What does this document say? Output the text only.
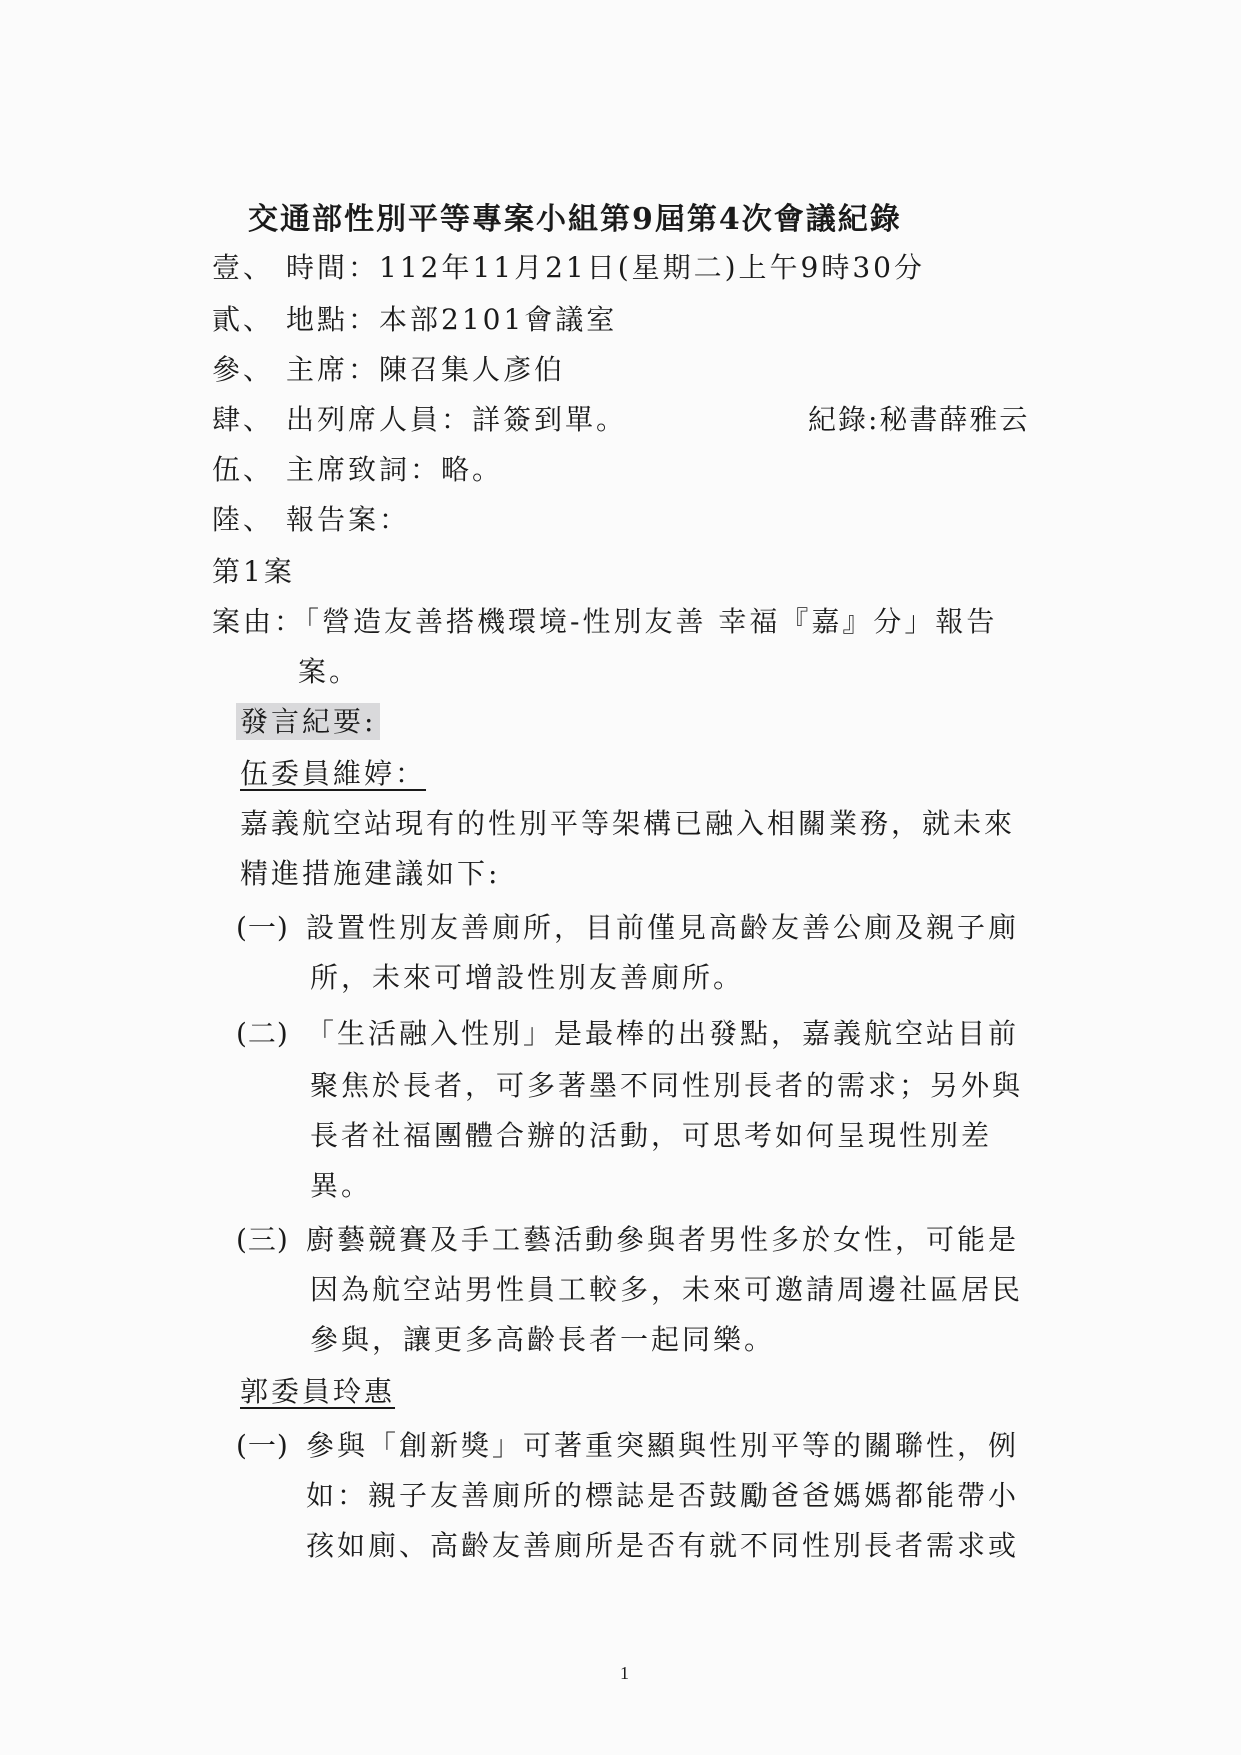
交通部性別平等專案小組第9屆第4次會議紀錄
壹、 時間：112年11月21日(星期二)上午9時30分
貳、 地點：本部2101會議室
參、 主席：陳召集人彥伯
肆、 出列席人員：詳簽到單。	紀錄:秘書薛雅云
伍、 主席致詞：略。
陸、 報告案：
第1案
案由：「營造友善搭機環境-性別友善 幸福『嘉』分」報告
案。
發言紀要:
伍委員維婷：
嘉義航空站現有的性別平等架構已融入相關業務，就未來
精進措施建議如下:
(一) 設置性別友善廁所，目前僅見高齡友善公廁及親子廁
所，未來可增設性別友善廁所。
(二) 「生活融入性別」是最棒的出發點，嘉義航空站目前
聚焦於長者，可多著墨不同性別長者的需求；另外與
長者社福團體合辦的活動，可思考如何呈現性別差
異。
(三) 廚藝競賽及手工藝活動參與者男性多於女性，可能是
因為航空站男性員工較多，未來可邀請周邊社區居民
參與，讓更多高齡長者一起同樂。
郭委員玲惠
(一) 參與「創新獎」可著重突顯與性別平等的關聯性，例
如：親子友善廁所的標誌是否鼓勵爸爸媽媽都能帶小
孩如廁、高齡友善廁所是否有就不同性別長者需求或
1
